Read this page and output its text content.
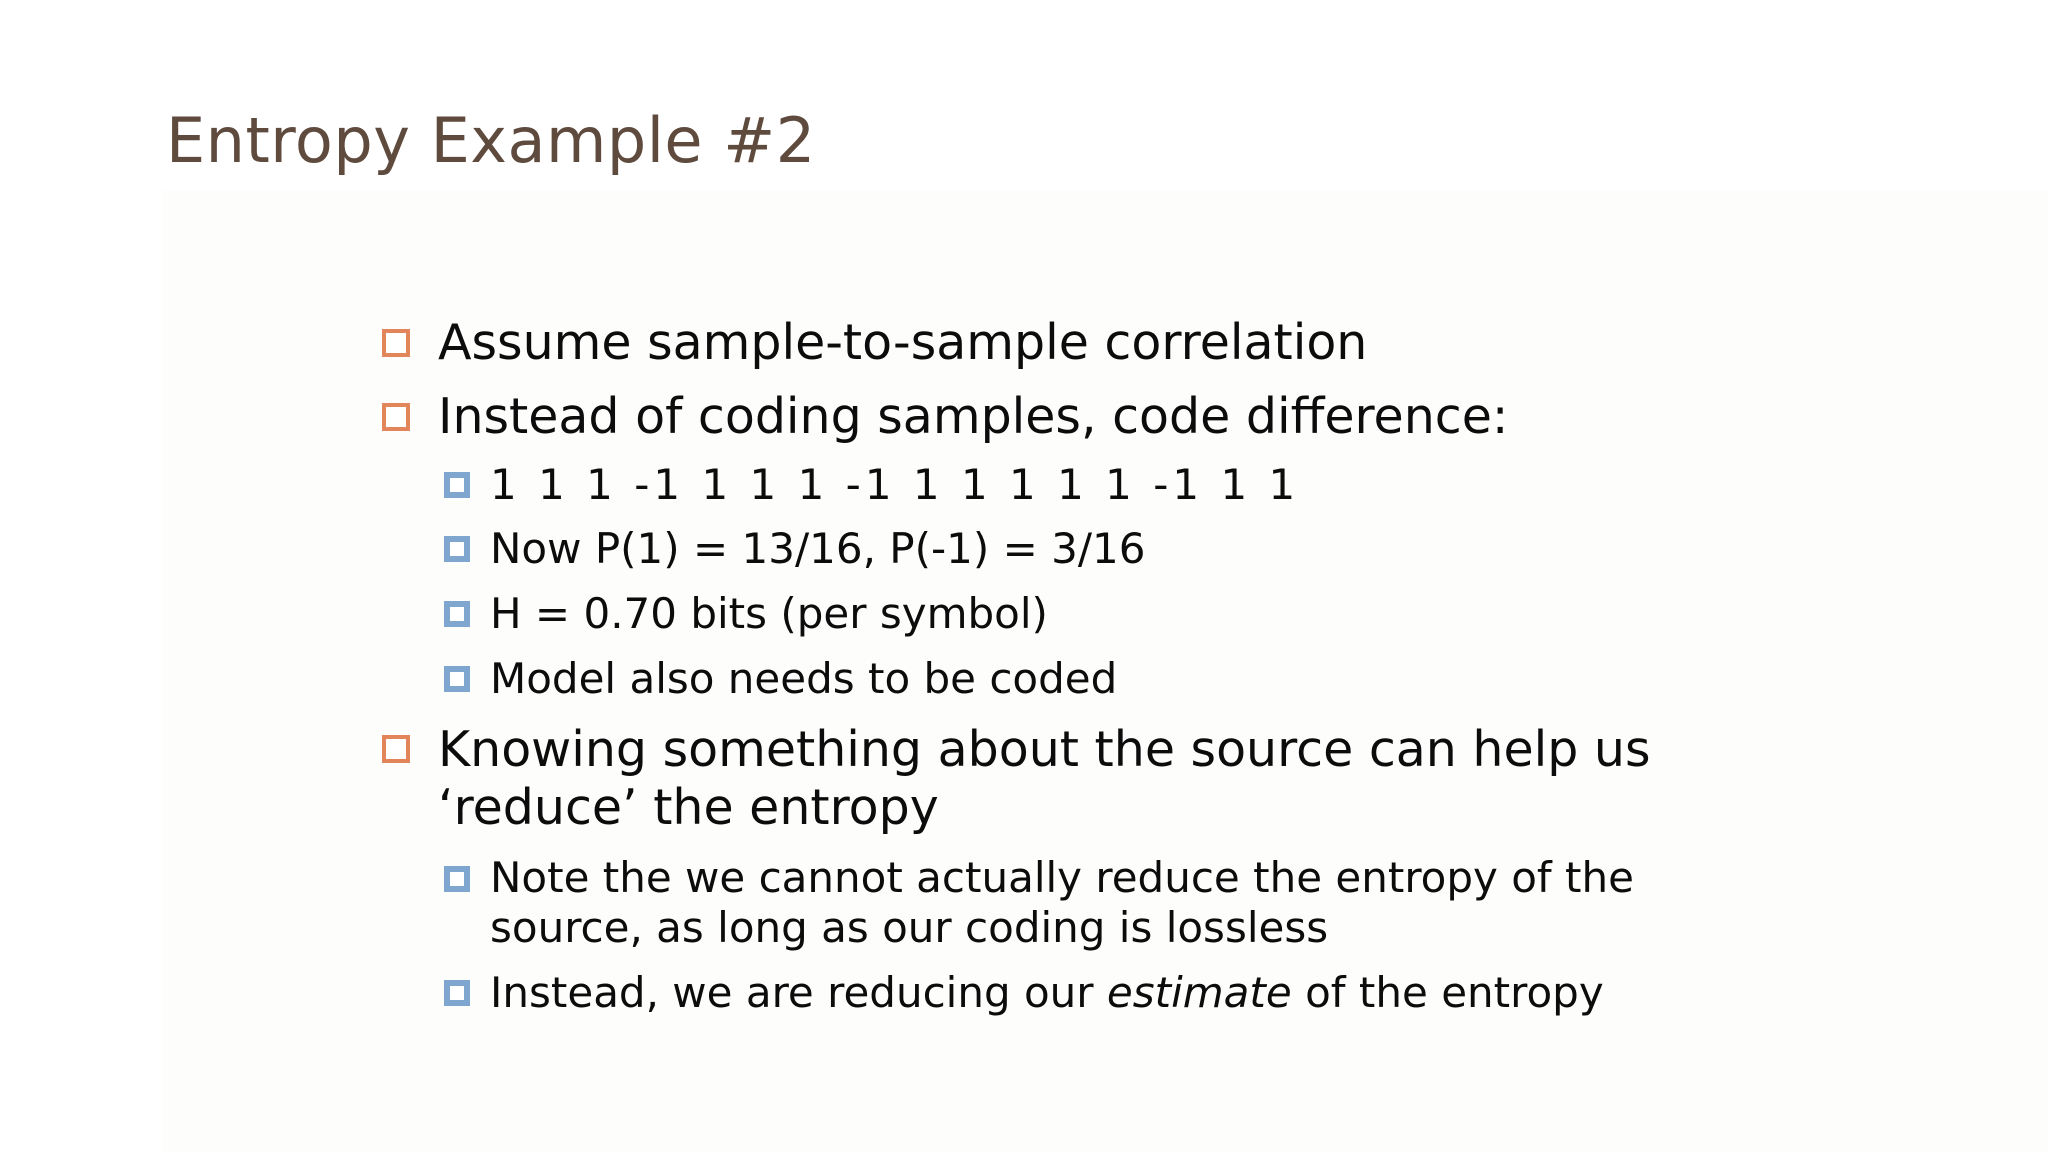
Entropy Example #2
Assume sample-to-sample correlation
Instead of coding samples, code difference:
1 1 1 -1 1 1 1 -1 1 1 1 1 1 -1 1 1
Now P(1) = 13/16, P(-1) = 3/16
H = 0.70 bits (per symbol)
Model also needs to be coded
Knowing something about the source can help us
‘reduce’ the entropy
Note the we cannot actually reduce the entropy of the
source, as long as our coding is lossless
Instead, we are reducing our estimate of the entropy
